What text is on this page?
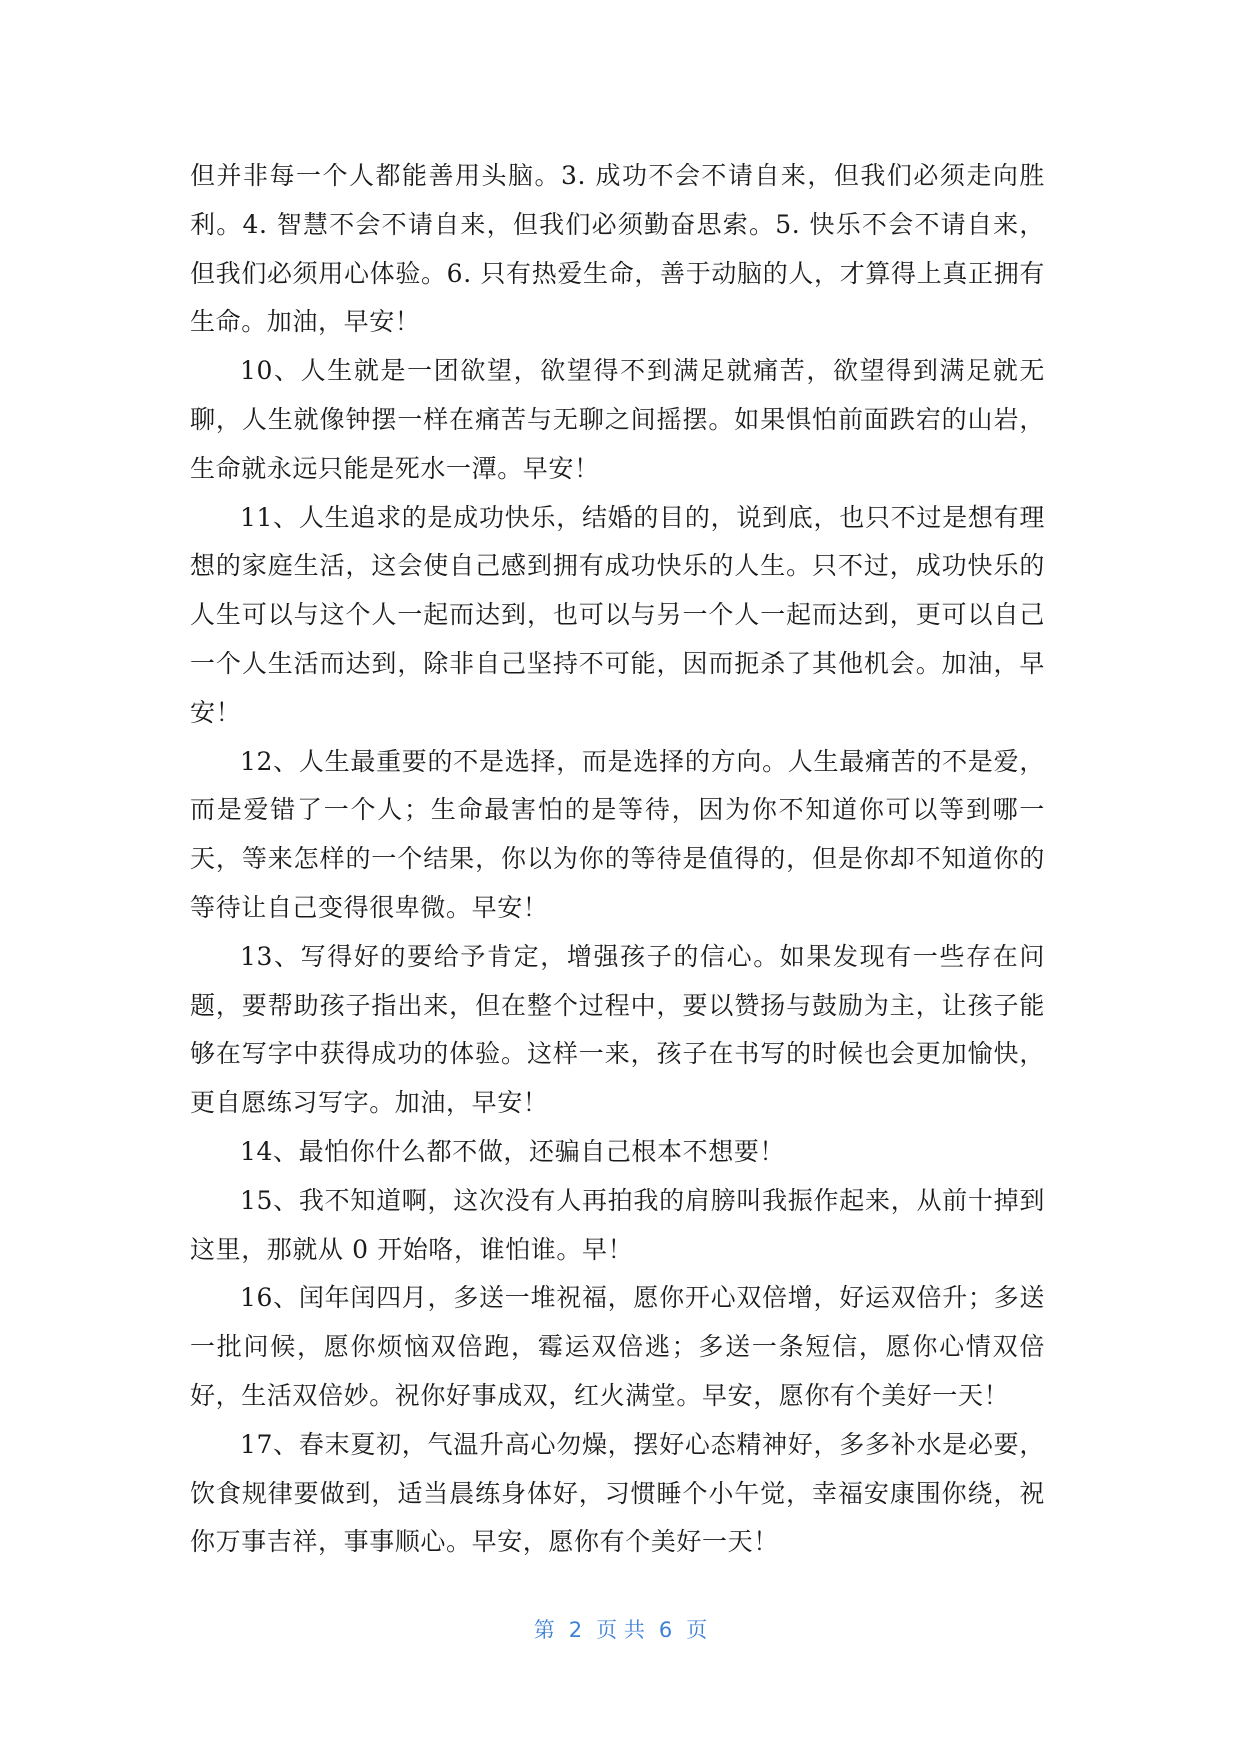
但并非每一个人都能善用头脑。3. 成功不会不请自来，但我们必须走向胜利。4. 智慧不会不请自来，但我们必须勤奋思索。5. 快乐不会不请自来，但我们必须用心体验。6. 只有热爱生命，善于动脑的人，才算得上真正拥有生命。加油，早安！

10、人生就是一团欲望，欲望得不到满足就痛苦，欲望得到满足就无聊，人生就像钟摆一样在痛苦与无聊之间摇摆。如果惧怕前面跌宕的山岩，生命就永远只能是死水一潭。早安！

11、人生追求的是成功快乐，结婚的目的，说到底，也只不过是想有理想的家庭生活，这会使自己感到拥有成功快乐的人生。只不过，成功快乐的人生可以与这个人一起而达到，也可以与另一个人一起而达到，更可以自己一个人生活而达到，除非自己坚持不可能，因而扼杀了其他机会。加油，早安！

12、人生最重要的不是选择，而是选择的方向。人生最痛苦的不是爱，而是爱错了一个人；生命最害怕的是等待，因为你不知道你可以等到哪一天，等来怎样的一个结果，你以为你的等待是值得的，但是你却不知道你的等待让自己变得很卑微。早安！

13、写得好的要给予肯定，增强孩子的信心。如果发现有一些存在问题，要帮助孩子指出来，但在整个过程中，要以赞扬与鼓励为主，让孩子能够在写字中获得成功的体验。这样一来，孩子在书写的时候也会更加愉快，更自愿练习写字。加油，早安！

14、最怕你什么都不做，还骗自己根本不想要！

15、我不知道啊，这次没有人再拍我的肩膀叫我振作起来，从前十掉到这里，那就从 0 开始咯，谁怕谁。早！

16、闰年闰四月，多送一堆祝福，愿你开心双倍增，好运双倍升；多送一批问候，愿你烦恼双倍跑，霉运双倍逃；多送一条短信，愿你心情双倍好，生活双倍妙。祝你好事成双，红火满堂。早安，愿你有个美好一天！

17、春末夏初，气温升高心勿燥，摆好心态精神好，多多补水是必要，饮食规律要做到，适当晨练身体好，习惯睡个小午觉，幸福安康围你绕，祝你万事吉祥，事事顺心。早安，愿你有个美好一天！

第 2 页 共 6 页
